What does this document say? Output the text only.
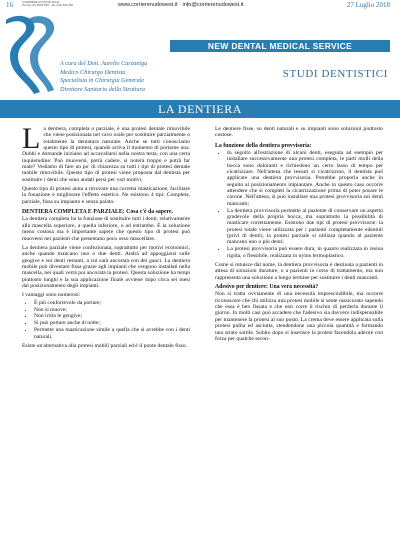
16	CORRIERE DI NOVE ELLE
Tel./fax 02 4879 566 · fax 339 336 250	www.corrierenudowest.it · info@corrierenudowest.it	27 Luglio 2018
NEW DENTAL MEDICAL SERVICE
A cura del Dott. Aurelio Carzaniga
Medico Chirurgo Dentista
Specialista in Chirurgia Generale
Direttore Sanitario della Struttura
STUDI DENTISTICI
LA DENTIERA

La dentiera, completa o parziale, è una protesi dentale rimovibile che viene posizionata nel cavo orale per sostituire parzialmente o totalmente la dentatura naturale. Anche se tutti conosciamo questo tipo di protesi, quando arriva il momento di portarne una. Dubbi e domande iniziano ad accavallarsi nella nostra testa, con una certa inquietudine: Può muoversi, potrà cadere, si noterà troppo e potrà far male? Vediamo di fare un po' di chiarezza su tutti i tipi di protesi dentale mobile rimovibile. Questo tipo di protesi viene proposta dal dentista per sostituire i denti che sono andati persi per vari motivi.

Questo tipo di protesi aiuta a ritrovare una corretta masticazione, facilitare la fonazione e migliorare l'effetto estetico. Ne esistono 4 tipi: Completa, parziale, fissa su impianto e senza palato.

DENTIERA COMPLETA E PARZIALE: Cosa c'è da sapere.

La dentiera completa ha la funzione di sostituire tutti i denti, relativamente alla mascella superiore, a quella inferiore, o ad entrambe. È la soluzione meno costosa ma è importante sapere che questo tipo di protesi può muoversi nei pazienti che presentano poco osso mascellare.

La dentiera parziale viene confezionata, soprattutto per motivi economici, anche quando mancano uno o due denti. Andrà ad appoggiarsi sulle gengive e sui denti restanti, a cui sarà ancorata con dei ganci. La dentiera mobile può diventare fissa grazie agli impianti che vengono installati nella mascella, nei quali verrà poi ancorata la protesi. Questa soluzione ha tempi piuttosto lunghi e la sua applicazione finale avviene dopo circa sei mesi dal posizionamento degli impianti.

I vantaggi sono numerosi:

• È più confortevole da portare;
• Non si muove;
• Non irrita le gengive;
• Si può portare anche di notte;
• Permette una masticazione simile a quella che si avrebbe con i denti naturali.

Esiste un'alternativa alla protesi mobili parziali ed è il ponte dentale fisso.

Le dentiere fisse, su denti naturali e su impianti sono soluzioni piuttosto costose.

La funzione della dentiera provvisoria:
• In seguito all'estrazione di alcuni denti, eseguita ad esempio per installare successivamente una protesi completa, le parti molli della bocca sono doloranti e richiedono un certo lasso di tempo per cicatrizzare. Nell'attesa che tessuti si cicatrizzino, il dentista può applicare una dentiera provvisoria. Potrebbe proporla anche in seguito al posizionamento impiantare. Anche in questo caso occorre attendere che si completi la cicatrizzazione prima di poter posare le corone. Nell'attesa, si può installare una protesi provvisoria sui denti mancanti;
• La dentiera provvisoria permette al paziente di conservare un aspetto gradevole della propria bocca, ma soprattutto la possibilità di masticare correttamente. Esistono due tipi di protesi provvisorie: la protesi totale viene utilizzata per i pazienti completamente edentuli (privi di denti), la protesi parziale si utilizza quando al paziente mancano uno o più denti;
• La protesi provvisoria può essere dura, in quanto realizzata in resina rigida, o flessibile, realizzata in nylon termoplastico.

Come si intuisce dal nome, la dentiera provvisoria è destinata a pazienti in attesa di soluzioni durature, o a pazienti in corso di trattamento, ma non rappresenta una soluzione a lungo termine per sostituire i denti mancanti.

Adesivo per dentiere: Una vera necessità?

Non si tratta ovviamente di una necessità imprescindibile, ma occorre riconoscere che chi utilizza una protesi mobile si sente rassicurato sapendo che essa è ben fissata e che non corre il rischio di perderla durante il giorno. In molti casi può accadere che l'adesivo sia davvero indispensabile per mantenere la protesi al suo posto. La crema deve essere applicata sulla protesi pulita ed asciutta, stendendone una piccola quantità e formando uno strato sottile. Subito dopo si inserisce la protesi facendola aderire con forza per qualche secon-
